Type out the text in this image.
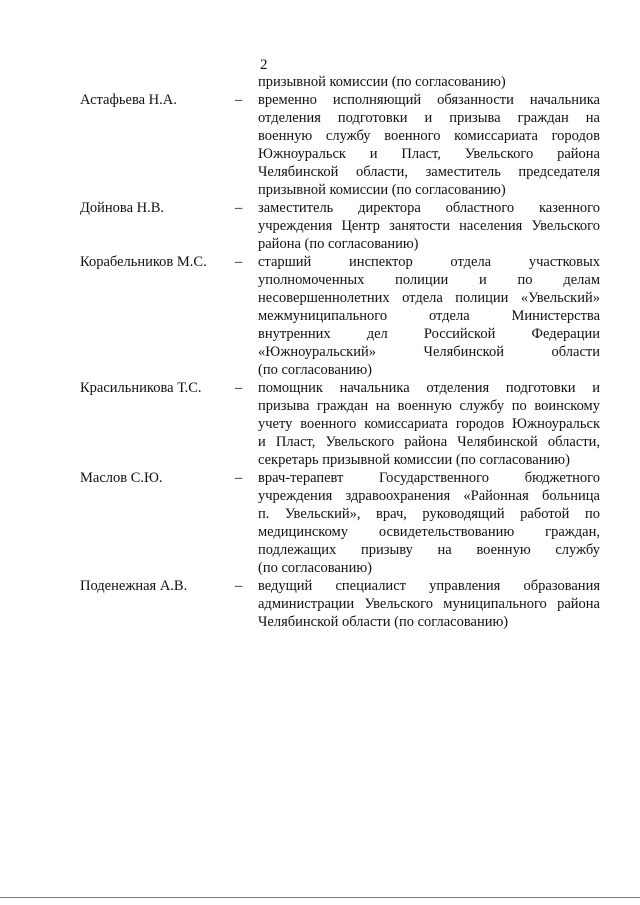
2
призывной комиссии (по согласованию)
Астафьева Н.А.	–	временно исполняющий обязанности начальника
отделения подготовки и призыва граждан на
военную службу военного комиссариата городов
Южноуральск и Пласт, Увельского района
Челябинской области, заместитель председателя
призывной комиссии (по согласованию)
Дойнова Н.В.	–	заместитель директора областного казенного
учреждения Центр занятости населения Увельского
района (по согласованию)
Корабельников М.С.	–	старший инспектор отдела участковых
уполномоченных полиции и по делам
несовершеннолетних отдела полиции «Увельский»
межмуниципального отдела Министерства
внутренних дел Российской Федерации
«Южноуральский» Челябинской области
(по согласованию)
Красильникова Т.С.	–	помощник начальника отделения подготовки и
призыва граждан на военную службу по воинскому
учету военного комиссариата городов Южноуральск
и Пласт, Увельского района Челябинской области,
секретарь призывной комиссии (по согласованию)
Маслов С.Ю.	–	врач-терапевт Государственного бюджетного
учреждения здравоохранения «Районная больница
п. Увельский», врач, руководящий работой по
медицинскому освидетельствованию граждан,
подлежащих призыву на военную службу
(по согласованию)
Поденежная А.В.	–	ведущий специалист управления образования
администрации Увельского муниципального района
Челябинской области (по согласованию)
